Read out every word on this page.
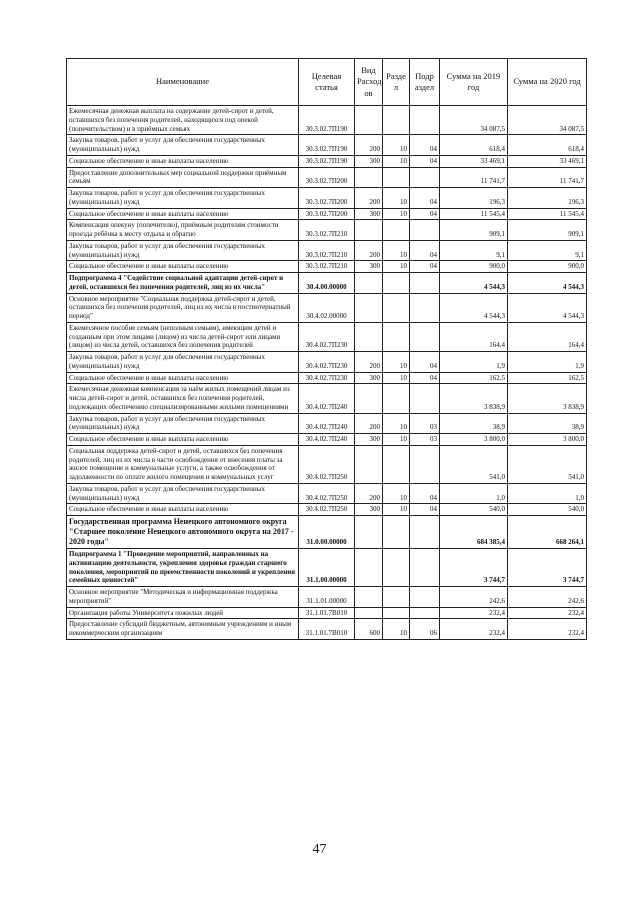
Наименование	Целевая статья	Вид Расход ов	Разде л	Подр аздел	Сумма на 2019 год	Сумма на 2020 год
Ежемесячная денежная выплата на содержание детей-сирот и детей, оставшихся без попечения родителей, находящихся под опекой (попечительством) и в приёмных семьях	30.3.02.7П190				34 087,5	34 087,5
Закупка товаров, работ и услуг для обеспечения государственных (муниципальных) нужд	30.3.02.7П190	200	10	04	618,4	618,4
Социальное обеспечение и иные выплаты населению	30.3.02.7П190	300	10	04	33 469,1	33 469,1
Предоставление дополнительных мер социальной поддержки приёмным семьям	30.3.02.7П200				11 741,7	11 741,7
Закупка товаров, работ и услуг для обеспечения государственных (муниципальных) нужд	30.3.02.7П200	200	10	04	196,3	196,3
Социальное обеспечение и иные выплаты населению	30.3.02.7П200	300	10	04	11 545,4	11 545,4
Компенсация опекуну (попечителю), приёмным родителям стоимости проезда ребёнка к месту отдыха и обратно	30.3.02.7П210				909,1	909,1
Закупка товаров, работ и услуг для обеспечения государственных (муниципальных) нужд	30.3.02.7П210	200	10	04	9,1	9,1
Социальное обеспечение и иные выплаты населению	30.3.02.7П210	300	10	04	900,0	900,0
Подпрограмма 4 "Содействие социальной адаптации детей-сирот и детей, оставшихся без попечения родителей, лиц из их числа"	30.4.00.00000				4 544,3	4 544,3
Основное мероприятие "Социальная поддержка детей-сирот и детей, оставшихся без попечения родителей, лиц из их числа в постинтернатный период"	30.4.02.00000				4 544,3	4 544,3
Ежемесячное пособие семьям (неполным семьям), имеющим детей и созданным при этом лицами (лицом) из числа детей-сирот или лицами (лицом) из числа детей, оставшихся без попечения родителей	30.4.02.7П230				164,4	164,4
Закупка товаров, работ и услуг для обеспечения государственных (муниципальных) нужд	30.4.02.7П230	200	10	04	1,9	1,9
Социальное обеспечение и иные выплаты населению	30.4.02.7П230	300	10	04	162,5	162,5
Ежемесячная денежная компенсация за наём жилых помещений лицам из числа детей-сирот и детей, оставшихся без попечения родителей, подлежащих обеспечению специализированными жилыми помещениями	30.4.02.7П240				3 838,9	3 838,9
Закупка товаров, работ и услуг для обеспечения государственных (муниципальных) нужд	30.4.02.7П240	200	10	03	38,9	38,9
Социальное обеспечение и иные выплаты населению	30.4.02.7П240	300	10	03	3 800,0	3 800,0
Социальная поддержка детей-сирот и детей, оставшихся без попечения родителей, лиц из их числа в части освобождения от внесения платы за жилое помещение и коммунальные услуги, а также освобождения от задолженности по оплате жилого помещения и коммунальных услуг	30.4.02.7П250				541,0	541,0
Закупка товаров, работ и услуг для обеспечения государственных (муниципальных) нужд	30.4.02.7П250	200	10	04	1,0	1,0
Социальное обеспечение и иные выплаты населению	30.4.02.7П250	300	10	04	540,0	540,0
Государственная программа Ненецкого автономного округа "Старшее поколение Ненецкого автономного округа на 2017 - 2020 годы"	31.0.00.00000				684 385,4	668 264,1
Подпрограмма 1 "Проведение мероприятий, направленных на активизацию деятельности, укрепления здоровья граждан старшего поколения, мероприятий по преемственности поколений и укрепления семейных ценностей"	31.1.00.00000				3 744,7	3 744,7
Основное мероприятие "Методическая и информационная поддержка мероприятий"	31.1.01.00000				242,6	242,6
Организация работы Университета пожилых людей	31.1.01.7В010				232,4	232,4
Предоставление субсидий бюджетным, автономным учреждениям и иным некоммерческим организациям	31.1.01.7В010	600	10	06	232,4	232,4
47
